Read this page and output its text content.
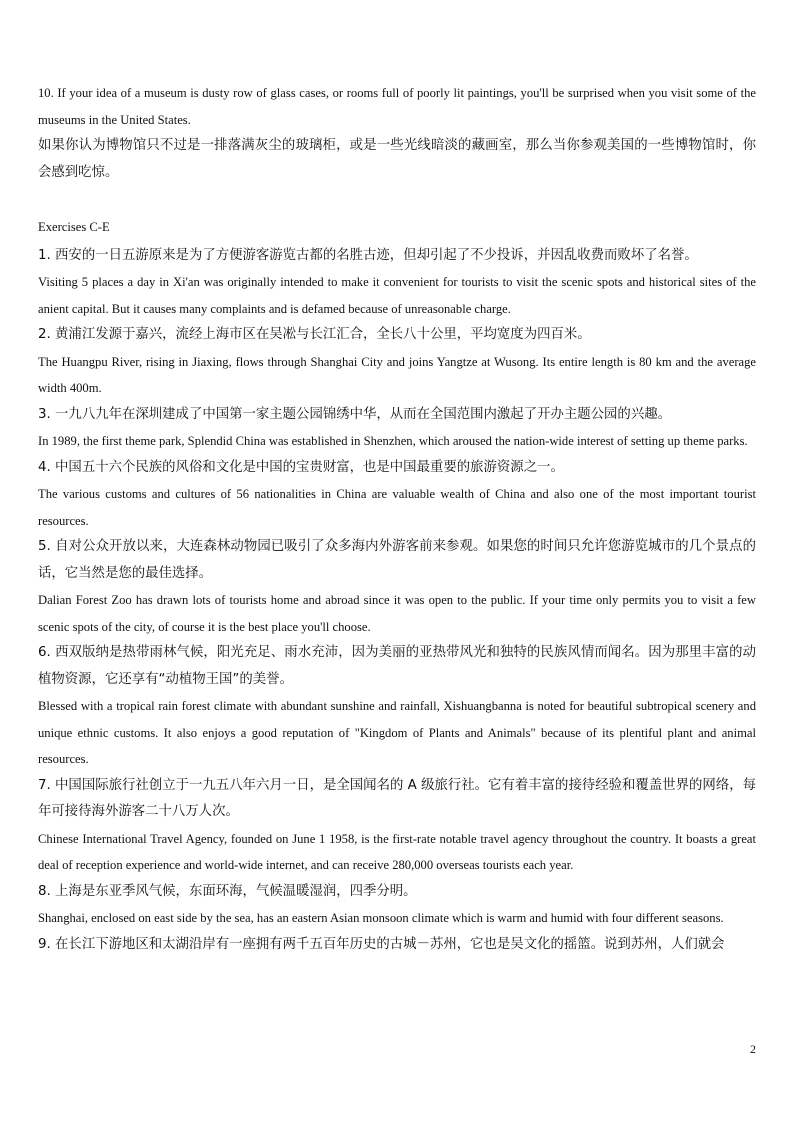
10. If your idea of a museum is dusty row of glass cases, or rooms full of poorly lit paintings, you'll be surprised when you visit some of the museums in the United States.

如果你认为博物馆只不过是一排落满灰尘的玻璃柜，或是一些光线暗淡的藏画室，那么当你参观美国的一些博物馆时，你会感到吃惊。

Exercises C-E

1. 西安的一日五游原来是为了方便游客游览古都的名胜古迹，但却引起了不少投诉，并因乱收费而败坏了名誉。

Visiting 5 places a day in Xi'an was originally intended to make it convenient for tourists to visit the scenic spots and historical sites of the anient capital. But it causes many complaints and is defamed because of unreasonable charge.

2. 黄浦江发源于嘉兴，流经上海市区在吴凇与长江汇合，全长八十公里，平均宽度为四百米。

The Huangpu River, rising in Jiaxing, flows through Shanghai City and joins Yangtze at Wusong. Its entire length is 80 km and the average width 400m.

3. 一九八九年在深圳建成了中国第一家主题公园锦绣中华，从而在全国范围内激起了开办主题公园的兴趣。

In 1989, the first theme park, Splendid China was established in Shenzhen, which aroused the nation-wide interest of setting up theme parks.

4. 中国五十六个民族的风俗和文化是中国的宝贵财富，也是中国最重要的旅游资源之一。

The various customs and cultures of 56 nationalities in China are valuable wealth of China and also one of the most important tourist resources.

5. 自对公众开放以来，大连森林动物园已吸引了众多海内外游客前来参观。如果您的时间只允许您游览城市的几个景点的话，它当然是您的最佳选择。

Dalian Forest Zoo has drawn lots of tourists home and abroad since it was open to the public. If your time only permits you to visit a few scenic spots of the city, of course it is the best place you'll choose.

6. 西双版纳是热带雨林气候，阳光充足、雨水充沛，因为美丽的亚热带风光和独特的民族风情而闻名。因为那里丰富的动植物资源，它还享有“动植物王国”的美誉。

Blessed with a tropical rain forest climate with abundant sunshine and rainfall, Xishuangbanna is noted for beautiful subtropical scenery and unique ethnic customs. It also enjoys a good reputation of "Kingdom of Plants and Animals" because of its plentiful plant and animal resources.

7. 中国国际旅行社创立于一九五八年六月一日，是全国闻名的 A 级旅行社。它有着丰富的接待经验和覆盖世界的网络，每年可接待海外游客二十八万人次。

Chinese International Travel Agency, founded on June 1 1958, is the first-rate notable travel agency throughout the country. It boasts a great deal of reception experience and world-wide internet, and can receive 280,000 overseas tourists each year.

8. 上海是东亚季风气候，东面环海，气候温暖湿润，四季分明。

Shanghai, enclosed on east side by the sea, has an eastern Asian monsoon climate which is warm and humid with four different seasons.

9. 在长江下游地区和太湖沿岸有一座拥有两千五百年历史的古城－苏州，它也是吴文化的摇篮。说到苏州，人们就会

2
